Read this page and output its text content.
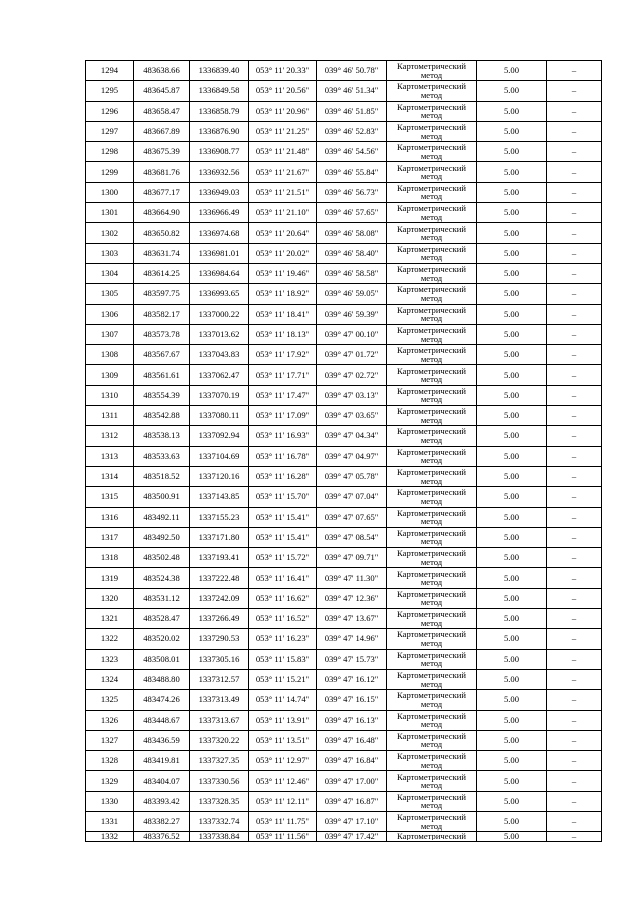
1294	483638.66	1336839.40	053° 11' 20.33"	039° 46' 50.78"	Картометрический метод	5.00	–
1295	483645.87	1336849.58	053° 11' 20.56"	039° 46' 51.34"	Картометрический метод	5.00	–
1296	483658.47	1336858.79	053° 11' 20.96"	039° 46' 51.85"	Картометрический метод	5.00	–
1297	483667.89	1336876.90	053° 11' 21.25"	039° 46' 52.83"	Картометрический метод	5.00	–
1298	483675.39	1336908.77	053° 11' 21.48"	039° 46' 54.56"	Картометрический метод	5.00	–
1299	483681.76	1336932.56	053° 11' 21.67"	039° 46' 55.84"	Картометрический метод	5.00	–
1300	483677.17	1336949.03	053° 11' 21.51"	039° 46' 56.73"	Картометрический метод	5.00	–
1301	483664.90	1336966.49	053° 11' 21.10"	039° 46' 57.65"	Картометрический метод	5.00	–
1302	483650.82	1336974.68	053° 11' 20.64"	039° 46' 58.08"	Картометрический метод	5.00	–
1303	483631.74	1336981.01	053° 11' 20.02"	039° 46' 58.40"	Картометрический метод	5.00	–
1304	483614.25	1336984.64	053° 11' 19.46"	039° 46' 58.58"	Картометрический метод	5.00	–
1305	483597.75	1336993.65	053° 11' 18.92"	039° 46' 59.05"	Картометрический метод	5.00	–
1306	483582.17	1337000.22	053° 11' 18.41"	039° 46' 59.39"	Картометрический метод	5.00	–
1307	483573.78	1337013.62	053° 11' 18.13"	039° 47' 00.10"	Картометрический метод	5.00	–
1308	483567.67	1337043.83	053° 11' 17.92"	039° 47' 01.72"	Картометрический метод	5.00	–
1309	483561.61	1337062.47	053° 11' 17.71"	039° 47' 02.72"	Картометрический метод	5.00	–
1310	483554.39	1337070.19	053° 11' 17.47"	039° 47' 03.13"	Картометрический метод	5.00	–
1311	483542.88	1337080.11	053° 11' 17.09"	039° 47' 03.65"	Картометрический метод	5.00	–
1312	483538.13	1337092.94	053° 11' 16.93"	039° 47' 04.34"	Картометрический метод	5.00	–
1313	483533.63	1337104.69	053° 11' 16.78"	039° 47' 04.97"	Картометрический метод	5.00	–
1314	483518.52	1337120.16	053° 11' 16.28"	039° 47' 05.78"	Картометрический метод	5.00	–
1315	483500.91	1337143.85	053° 11' 15.70"	039° 47' 07.04"	Картометрический метод	5.00	–
1316	483492.11	1337155.23	053° 11' 15.41"	039° 47' 07.65"	Картометрический метод	5.00	–
1317	483492.50	1337171.80	053° 11' 15.41"	039° 47' 08.54"	Картометрический метод	5.00	–
1318	483502.48	1337193.41	053° 11' 15.72"	039° 47' 09.71"	Картометрический метод	5.00	–
1319	483524.38	1337222.48	053° 11' 16.41"	039° 47' 11.30"	Картометрический метод	5.00	–
1320	483531.12	1337242.09	053° 11' 16.62"	039° 47' 12.36"	Картометрический метод	5.00	–
1321	483528.47	1337266.49	053° 11' 16.52"	039° 47' 13.67"	Картометрический метод	5.00	–
1322	483520.02	1337290.53	053° 11' 16.23"	039° 47' 14.96"	Картометрический метод	5.00	–
1323	483508.01	1337305.16	053° 11' 15.83"	039° 47' 15.73"	Картометрический метод	5.00	–
1324	483488.80	1337312.57	053° 11' 15.21"	039° 47' 16.12"	Картометрический метод	5.00	–
1325	483474.26	1337313.49	053° 11' 14.74"	039° 47' 16.15"	Картометрический метод	5.00	–
1326	483448.67	1337313.67	053° 11' 13.91"	039° 47' 16.13"	Картометрический метод	5.00	–
1327	483436.59	1337320.22	053° 11' 13.51"	039° 47' 16.48"	Картометрический метод	5.00	–
1328	483419.81	1337327.35	053° 11' 12.97"	039° 47' 16.84"	Картометрический метод	5.00	–
1329	483404.07	1337330.56	053° 11' 12.46"	039° 47' 17.00"	Картометрический метод	5.00	–
1330	483393.42	1337328.35	053° 11' 12.11"	039° 47' 16.87"	Картометрический метод	5.00	–
1331	483382.27	1337332.74	053° 11' 11.75"	039° 47' 17.10"	Картометрический метод	5.00	–
1332	483376.52	1337338.84	053° 11' 11.56"	039° 47' 17.42"	Картометрический	5.00	–
